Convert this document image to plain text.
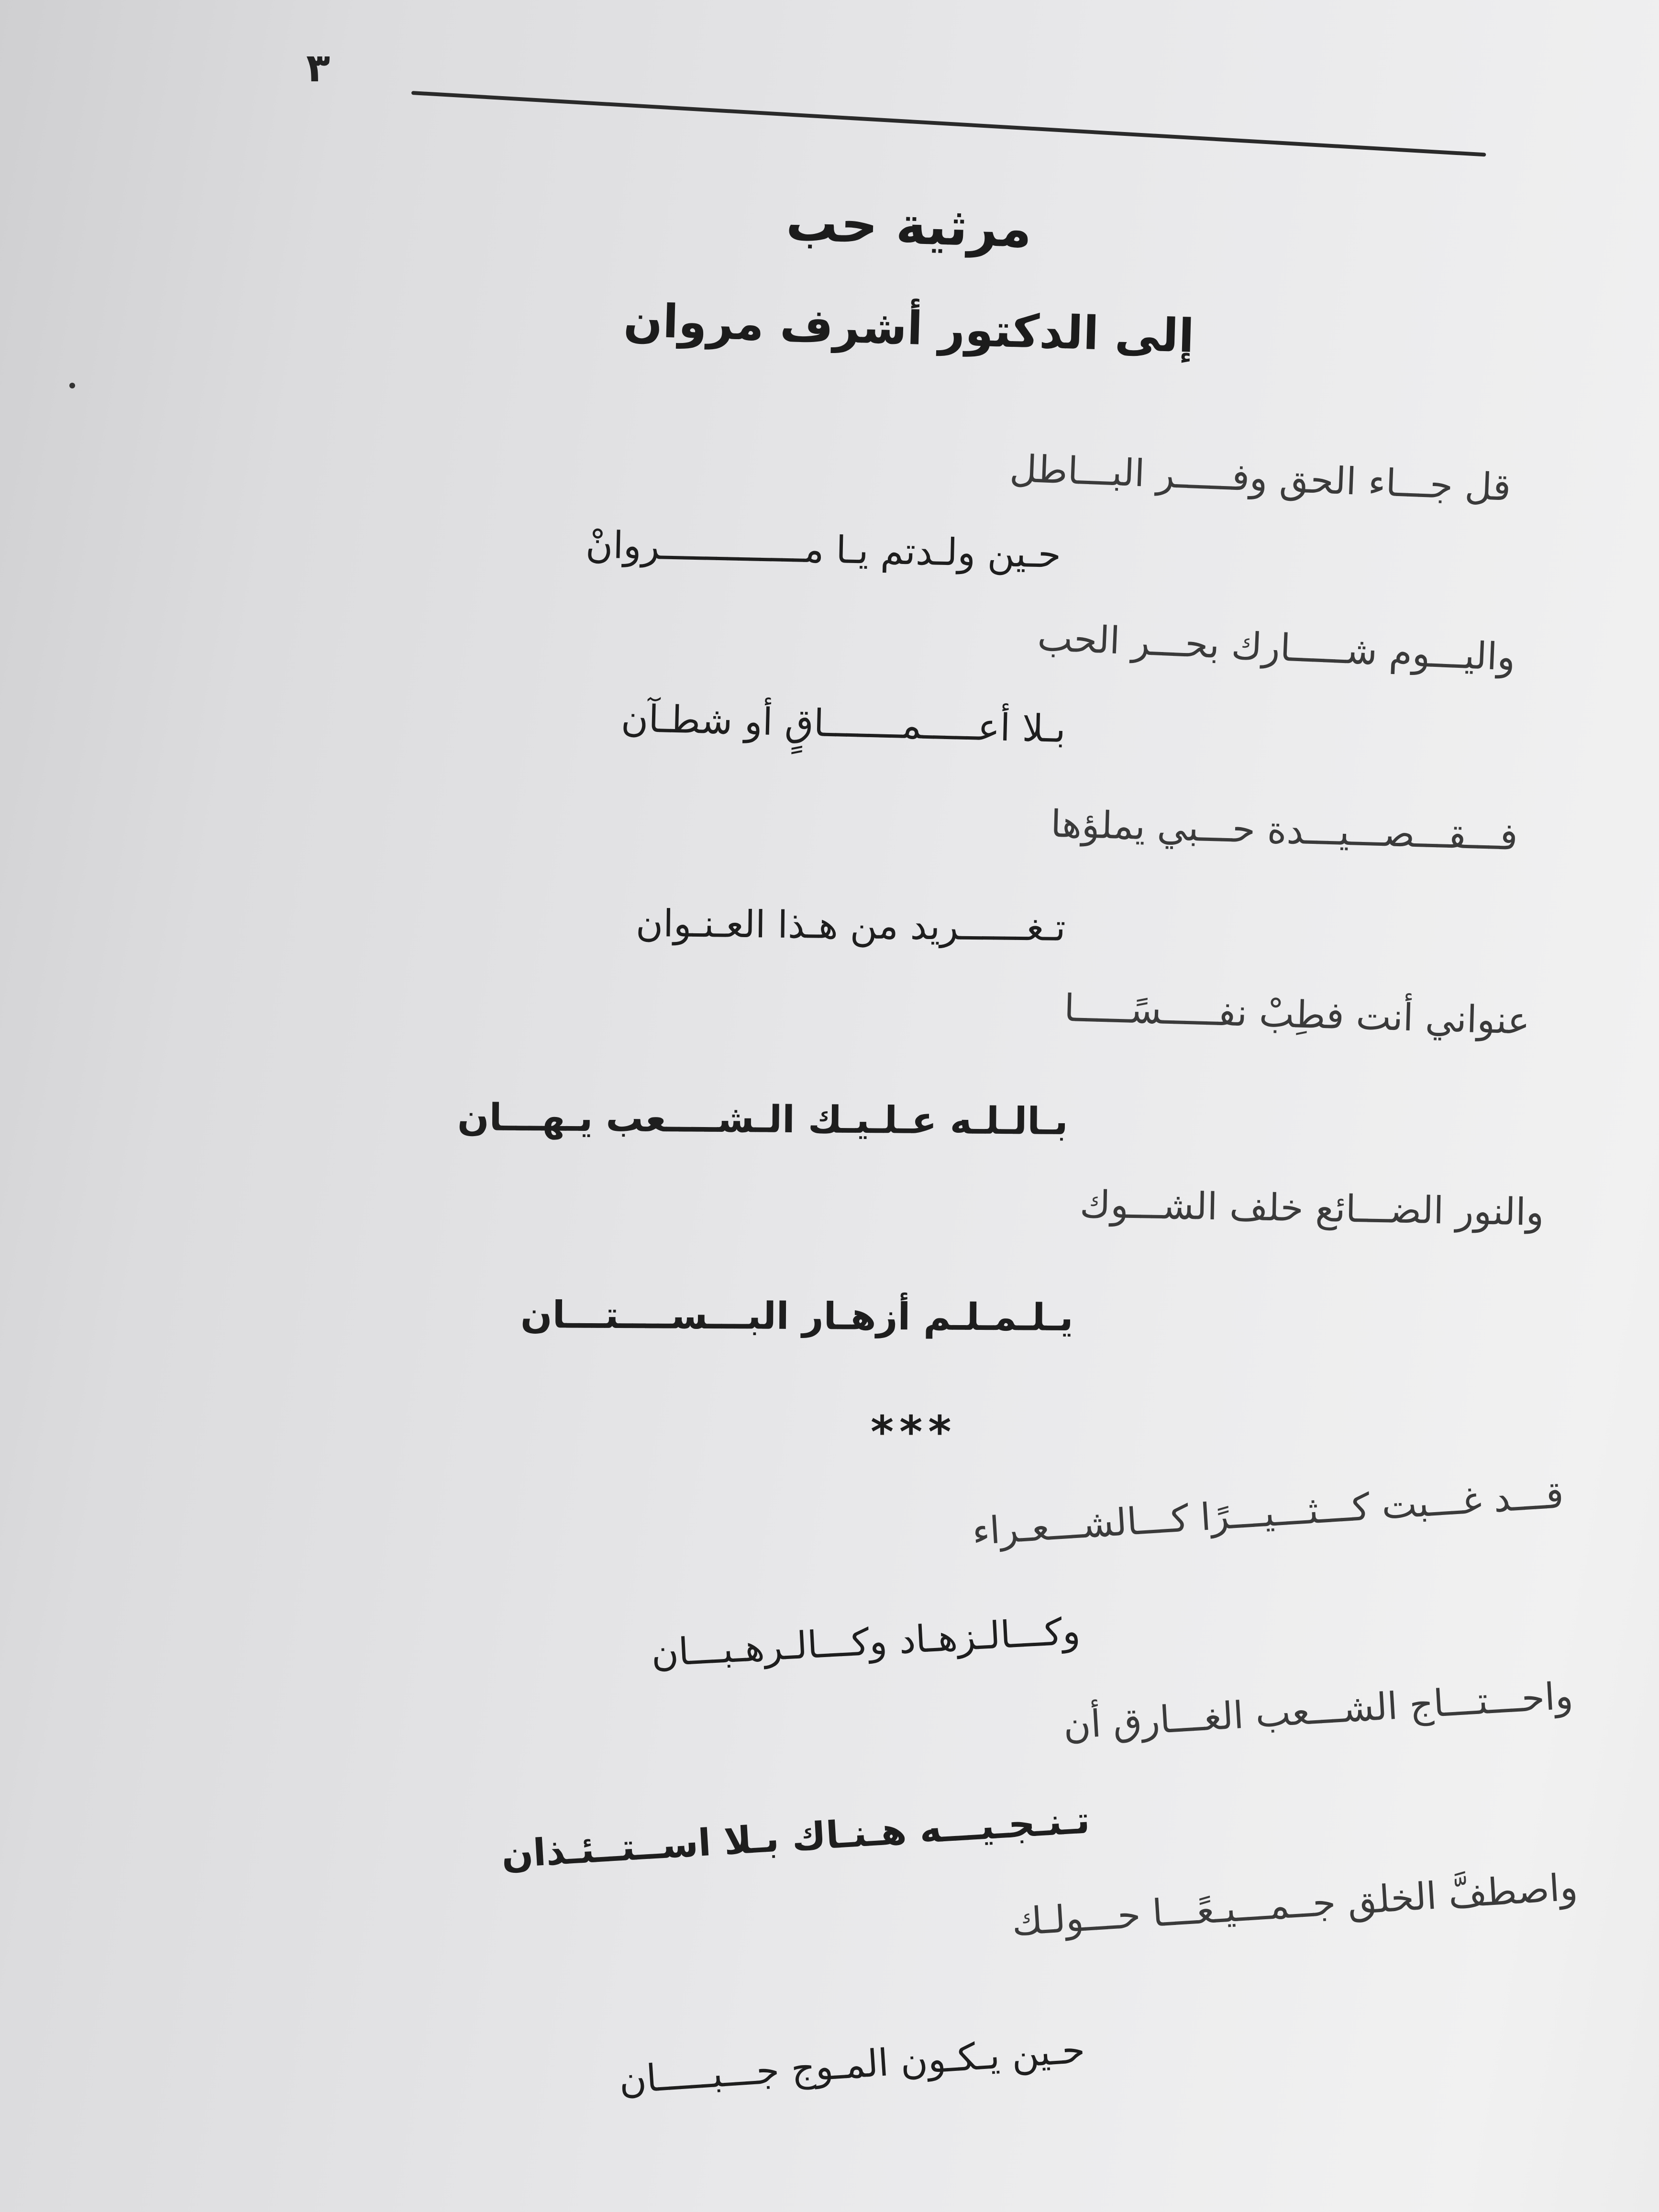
٣
مرثية حب
إلى الدكتور أشرف مروان
قل جـــاء الحق وفـــــر البـــاطل
حـين ولـدتم يـا مـــــــــــــروانْ
واليـــوم شـــــارك بحـــر الحب
بـلا أعـــــمـــــــاقٍ أو شطـآن
فـــقـــصـــيـــدة حـــبي يملؤها
تـغــــــريد من هـذا العـنـوان
عنواني أنت فطِبْ نفـــــسًـــــا
بـالـلـه عـلـيـك الـشــــعب يـهـــان
والنور الضـــائع خلف الشـــوك
يـلـمـلـم أزهـار البـــســــتـــان
***
قـــد غـــبت كـــثـــيـــرًا كـــالشـــعـراء
وكـــالـزهـاد وكـــالـرهـبـــان
واحـــتـــاج الشـــعب الغـــارق أن
تـنـجـيـــه هـنـاك بـلا اســتــئـذان
واصطفَّ الخلق جــمـــيـعًـــا حـــولـك
حـين يـكـون المـوج جـــبـــــان
